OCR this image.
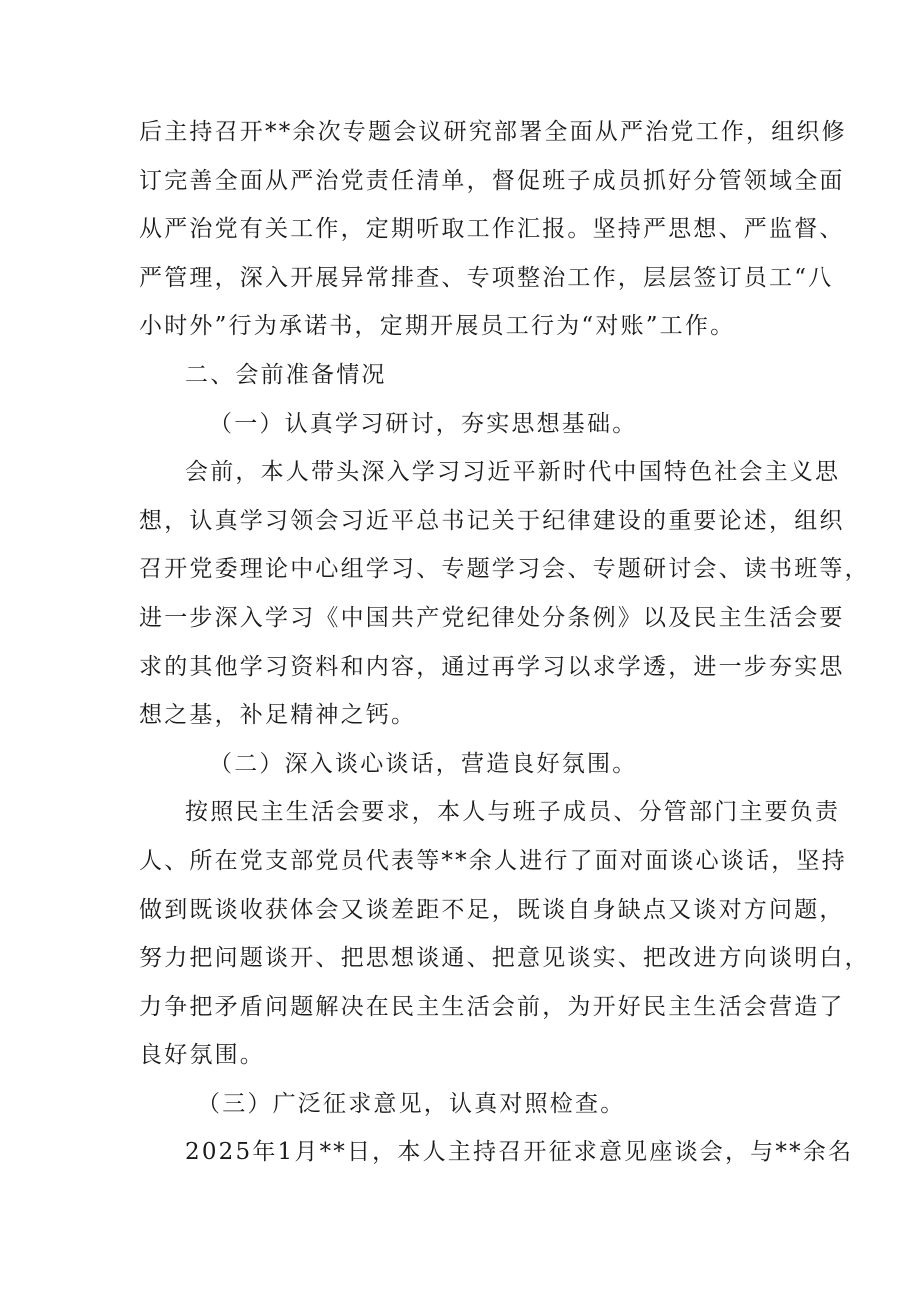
后主持召开**余次专题会议研究部署全面从严治党工作，组织修
订完善全面从严治党责任清单，督促班子成员抓好分管领域全面
从严治党有关工作，定期听取工作汇报。坚持严思想、严监督、
严管理，深入开展异常排查、专项整治工作，层层签订员工“八
小时外”行为承诺书，定期开展员工行为“对账”工作。
二、会前准备情况
（一）认真学习研讨，夯实思想基础。
会前，本人带头深入学习习近平新时代中国特色社会主义思
想，认真学习领会习近平总书记关于纪律建设的重要论述，组织
召开党委理论中心组学习、专题学习会、专题研讨会、读书班等，
进一步深入学习《中国共产党纪律处分条例》以及民主生活会要
求的其他学习资料和内容，通过再学习以求学透，进一步夯实思
想之基，补足精神之钙。
（二）深入谈心谈话，营造良好氛围。
按照民主生活会要求，本人与班子成员、分管部门主要负责
人、所在党支部党员代表等**余人进行了面对面谈心谈话，坚持
做到既谈收获体会又谈差距不足，既谈自身缺点又谈对方问题，
努力把问题谈开、把思想谈通、把意见谈实、把改进方向谈明白，
力争把矛盾问题解决在民主生活会前，为开好民主生活会营造了
良好氛围。
（三）广泛征求意见，认真对照检查。
2025年1月**日，本人主持召开征求意见座谈会，与**余名
